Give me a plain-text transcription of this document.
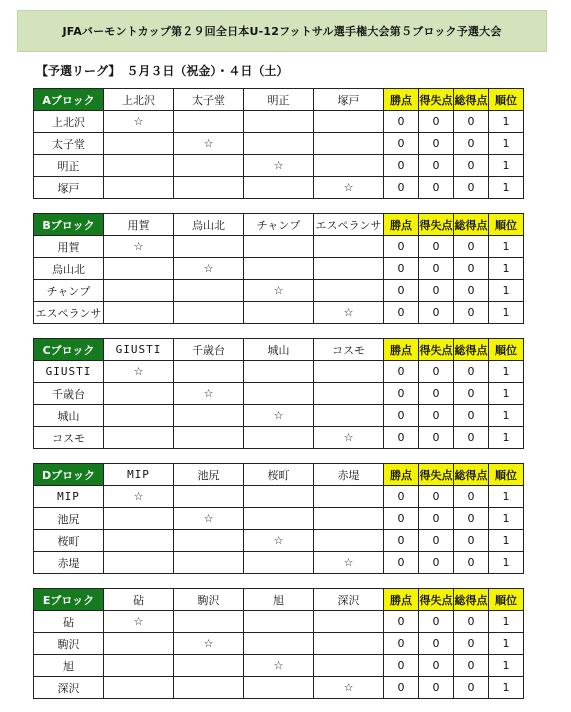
JFAバーモントカップ第２９回全日本U-12フットサル選手権大会第５ブロック予選大会
【予選リーグ】　５月３日（祝金）・４日（土）
Aブロック	上北沢	太子堂	明正	塚戸	勝点	得失点	総得点	順位
上北沢	☆				0	0	0	1
太子堂		☆			0	0	0	1
明正			☆		0	0	0	1
塚戸				☆	0	0	0	1
Bブロック	用賀	烏山北	チャンプ	エスペランサ	勝点	得失点	総得点	順位
用賀	☆				0	0	0	1
烏山北		☆			0	0	0	1
チャンプ			☆		0	0	0	1
エスペランサ				☆	0	0	0	1
Cブロック	GIUSTI	千歳台	城山	コスモ	勝点	得失点	総得点	順位
GIUSTI	☆				0	0	0	1
千歳台		☆			0	0	0	1
城山			☆		0	0	0	1
コスモ				☆	0	0	0	1
Dブロック	MIP	池尻	桜町	赤堤	勝点	得失点	総得点	順位
MIP	☆				0	0	0	1
池尻		☆			0	0	0	1
桜町			☆		0	0	0	1
赤堤				☆	0	0	0	1
Eブロック	砧	駒沢	旭	深沢	勝点	得失点	総得点	順位
砧	☆				0	0	0	1
駒沢		☆			0	0	0	1
旭			☆		0	0	0	1
深沢				☆	0	0	0	1
